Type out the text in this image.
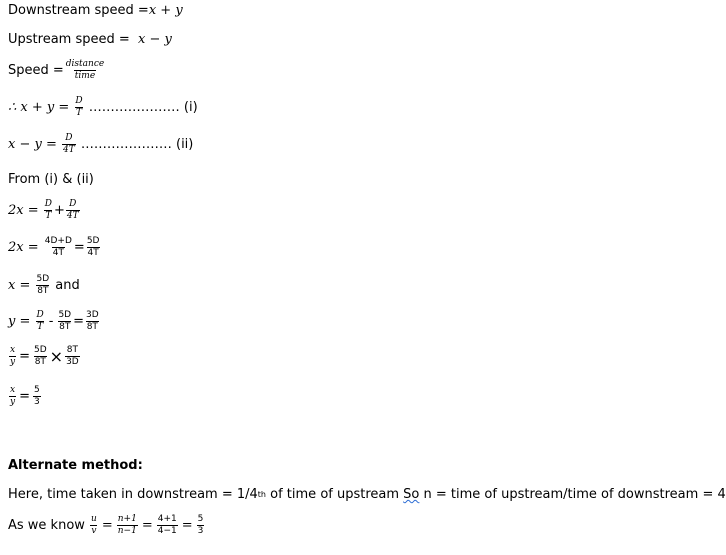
Downstream speed = x + y
Upstream speed = x − y
Speed = $\frac{\text{distance}}{\text{time}}$
∴ $x + y = \frac{D}{T}$ ………………… (i)
$x - y = \frac{D}{4T}$ ………………… (ii)
From (i) & (ii)
$2x = \frac{D}{T} + \frac{D}{4T}$
$2x = \frac{4D+D}{4T} = \frac{5D}{4T}$
$x = \frac{5D}{8T}$ and
$y = \frac{D}{T} - \frac{5D}{8T} = \frac{3D}{8T}$
$\frac{x}{y} = \frac{5D}{8T} \times \frac{8T}{3D}$
$\frac{x}{y} = \frac{5}{3}$
Alternate method:
Here, time taken in downstream = 1/4 th of time of upstream So n = time of upstream/time of downstream = 4
As we know $\frac{u}{v} = \frac{n+1}{n-1} = \frac{4+1}{4-1} = \frac{5}{3}$
